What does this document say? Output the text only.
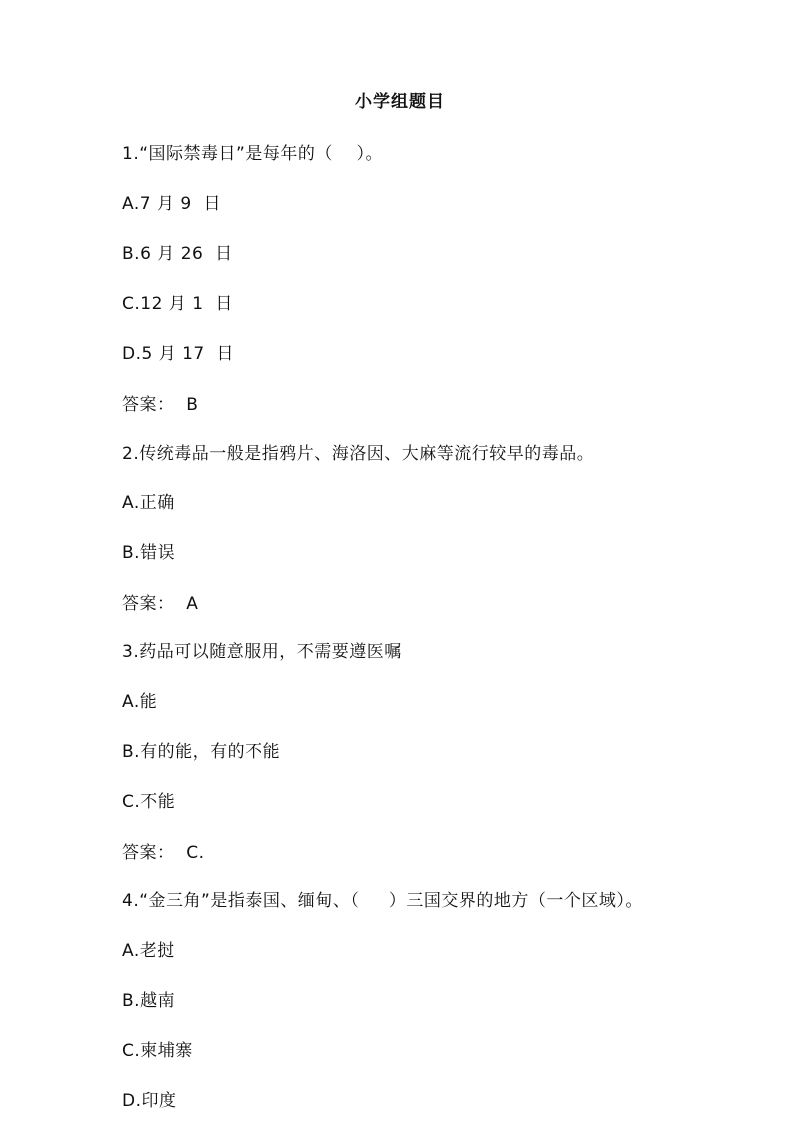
小学组题目
1.“国际禁毒日”是每年的（    ）。
A.7 月 9  日
B.6 月 26  日
C.12 月 1  日
D.5 月 17  日
答案：  B
2.传统毒品一般是指鸦片、海洛因、大麻等流行较早的毒品。
A.正确
B.错误
答案：  A
3.药品可以随意服用，不需要遵医嘱
A.能
B.有的能，有的不能
C.不能
答案：  C.
4.“金三角”是指泰国、缅甸、（     ）三国交界的地方（一个区域）。
A.老挝
B.越南
C.柬埔寨
D.印度
